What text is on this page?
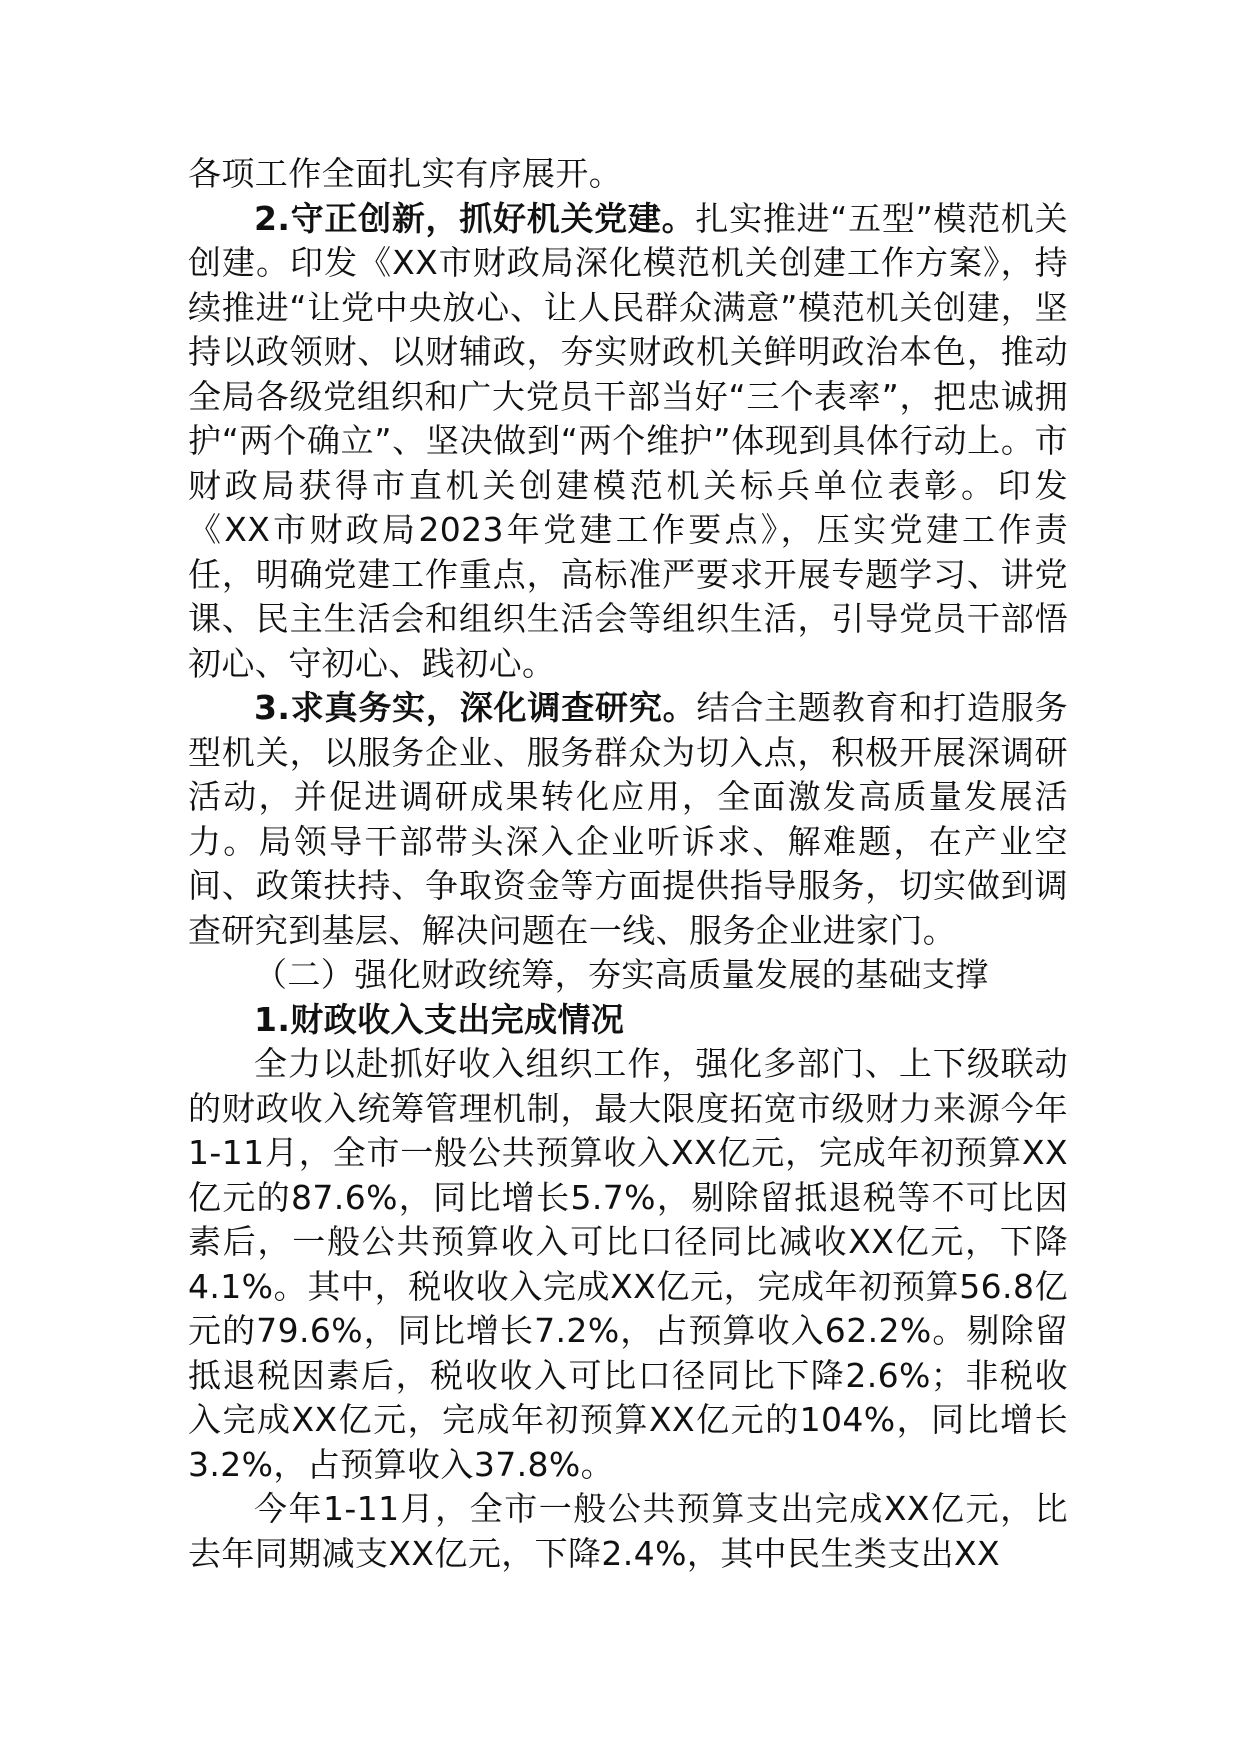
各项工作全面扎实有序展开。

2.守正创新，抓好机关党建。扎实推进“五型”模范机关创建。印发《XX市财政局深化模范机关创建工作方案》，持续推进“让党中央放心、让人民群众满意”模范机关创建，坚持以政领财、以财辅政，夯实财政机关鲜明政治本色，推动全局各级党组织和广大党员干部当好“三个表率”，把忠诚拥护“两个确立”、坚决做到“两个维护”体现到具体行动上。市财政局获得市直机关创建模范机关标兵单位表彰。印发《XX市财政局2023年党建工作要点》，压实党建工作责任，明确党建工作重点，高标准严要求开展专题学习、讲党课、民主生活会和组织生活会等组织生活，引导党员干部悟初心、守初心、践初心。

3.求真务实，深化调查研究。结合主题教育和打造服务型机关，以服务企业、服务群众为切入点，积极开展深调研活动，并促进调研成果转化应用，全面激发高质量发展活力。局领导干部带头深入企业听诉求、解难题，在产业空间、政策扶持、争取资金等方面提供指导服务，切实做到调查研究到基层、解决问题在一线、服务企业进家门。

（二）强化财政统筹，夯实高质量发展的基础支撑

1.财政收入支出完成情况

全力以赴抓好收入组织工作，强化多部门、上下级联动的财政收入统筹管理机制，最大限度拓宽市级财力来源今年1-11月，全市一般公共预算收入XX亿元，完成年初预算XX亿元的87.6%，同比增长5.7%，剔除留抵退税等不可比因素后，一般公共预算收入可比口径同比减收XX亿元，下降4.1%。其中，税收收入完成XX亿元，完成年初预算56.8亿元的79.6%，同比增长7.2%，占预算收入62.2%。剔除留抵退税因素后，税收收入可比口径同比下降2.6%；非税收入完成XX亿元，完成年初预算XX亿元的104%，同比增长3.2%，占预算收入37.8%。

今年1-11月，全市一般公共预算支出完成XX亿元，比去年同期减支XX亿元，下降2.4%，其中民生类支出XX
